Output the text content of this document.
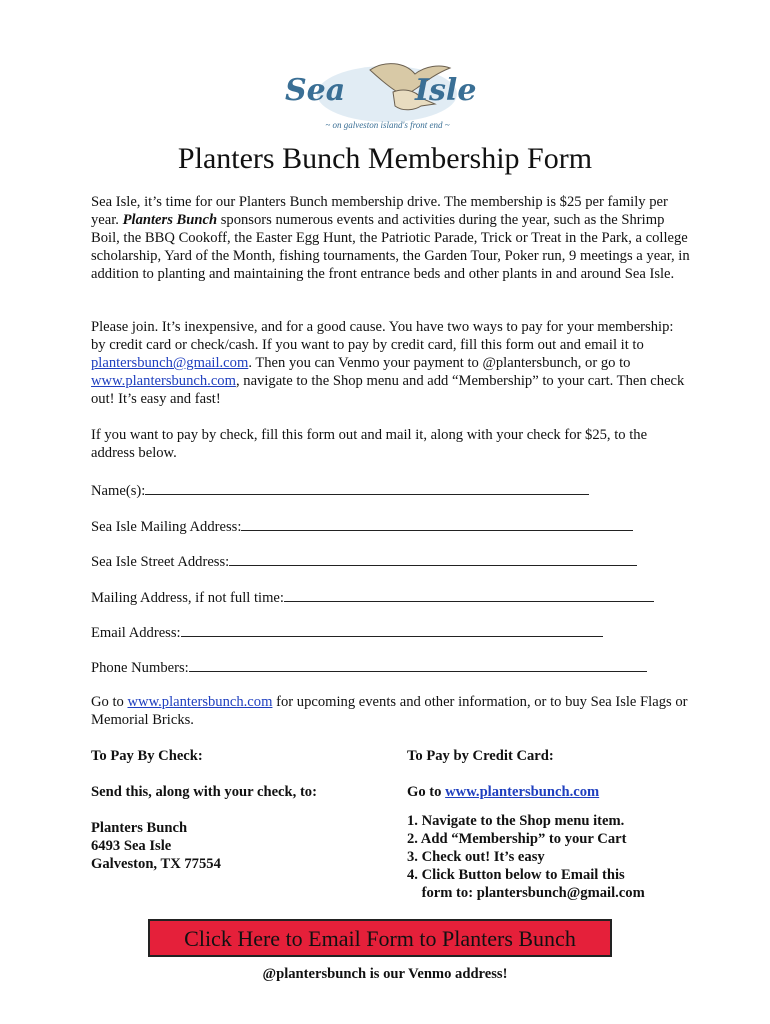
Sea Isle
~ on galveston island's front end ~
Planters Bunch Membership Form
Sea Isle, it’s time for our Planters Bunch membership drive. The membership is $25 per family per year. Planters Bunch sponsors numerous events and activities during the year, such as the Shrimp Boil, the BBQ Cookoff, the Easter Egg Hunt, the Patriotic Parade, Trick or Treat in the Park, a college scholarship, Yard of the Month, fishing tournaments, the Garden Tour, Poker run, 9 meetings a year, in addition to planting and maintaining the front entrance beds and other plants in and around Sea Isle.
Please join. It’s inexpensive, and for a good cause. You have two ways to pay for your membership: by credit card or check/cash. If you want to pay by credit card, fill this form out and email it to plantersbunch@gmail.com. Then you can Venmo your payment to @plantersbunch, or go to www.plantersbunch.com, navigate to the Shop menu and add “Membership” to your cart. Then check out! It’s easy and fast!
If you want to pay by check, fill this form out and mail it, along with your check for $25, to the address below.
Name(s):
Sea Isle Mailing Address:
Sea Isle Street Address:
Mailing Address, if not full time:
Email Address:
Phone Numbers:
Go to www.plantersbunch.com for upcoming events and other information, or to buy Sea Isle Flags or Memorial Bricks.
To Pay By Check:	To Pay by Credit Card:
Send this, along with your check, to:	Go to www.plantersbunch.com
Planters Bunch
6493 Sea Isle
Galveston, TX 77554
1. Navigate to the Shop menu item.
2. Add “Membership” to your Cart
3. Check out! It’s easy
4. Click Button below to Email this
form to: plantersbunch@gmail.com
Click Here to Email Form to Planters Bunch
@plantersbunch is our Venmo address!
